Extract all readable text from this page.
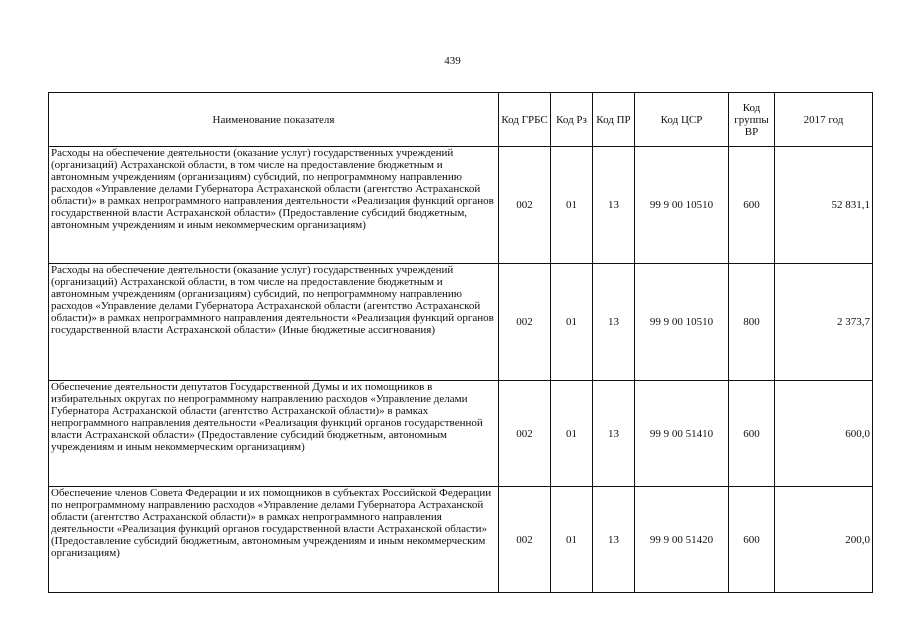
439
Наименование показателя	Код ГРБС	Код Рз	Код ПР	Код ЦСР	Код группы ВР	2017 год
Расходы на обеспечение деятельности (оказание услуг) государственных учреждений (организаций) Астраханской области, в том числе на предоставление бюджетным и автономным учреждениям (организациям) субсидий, по непрограммному направлению расходов «Управление делами Губернатора Астраханской области (агентство Астраханской области)» в рамках непрограммного направления деятельности «Реализация функций органов государственной власти Астраханской области» (Предоставление субсидий бюджетным, автономным учреждениям и иным некоммерческим организациям)	002	01	13	99 9 00 10510	600	52 831,1
Расходы на обеспечение деятельности (оказание услуг) государственных учреждений (организаций) Астраханской области, в том числе на предоставление бюджетным и автономным учреждениям (организациям) субсидий, по непрограммному направлению расходов «Управление делами Губернатора Астраханской области (агентство Астраханской области)» в рамках непрограммного направления деятельности «Реализация функций органов государственной власти Астраханской области» (Иные бюджетные ассигнования)	002	01	13	99 9 00 10510	800	2 373,7
Обеспечение деятельности депутатов Государственной Думы и их помощников в избирательных округах по непрограммному направлению расходов «Управление делами Губернатора Астраханской области (агентство Астраханской области)» в рамках непрограммного направления деятельности «Реализация функций органов государственной власти Астраханской области» (Предоставление субсидий бюджетным, автономным учреждениям и иным некоммерческим организациям)	002	01	13	99 9 00 51410	600	600,0
Обеспечение членов Совета Федерации и их помощников в субъектах Российской Федерации по непрограммному направлению расходов «Управление делами Губернатора Астраханской области (агентство Астраханской области)» в рамках непрограммного направления деятельности «Реализация функций органов государственной власти Астраханской области» (Предоставление субсидий бюджетным, автономным учреждениям и иным некоммерческим организациям)	002	01	13	99 9 00 51420	600	200,0
